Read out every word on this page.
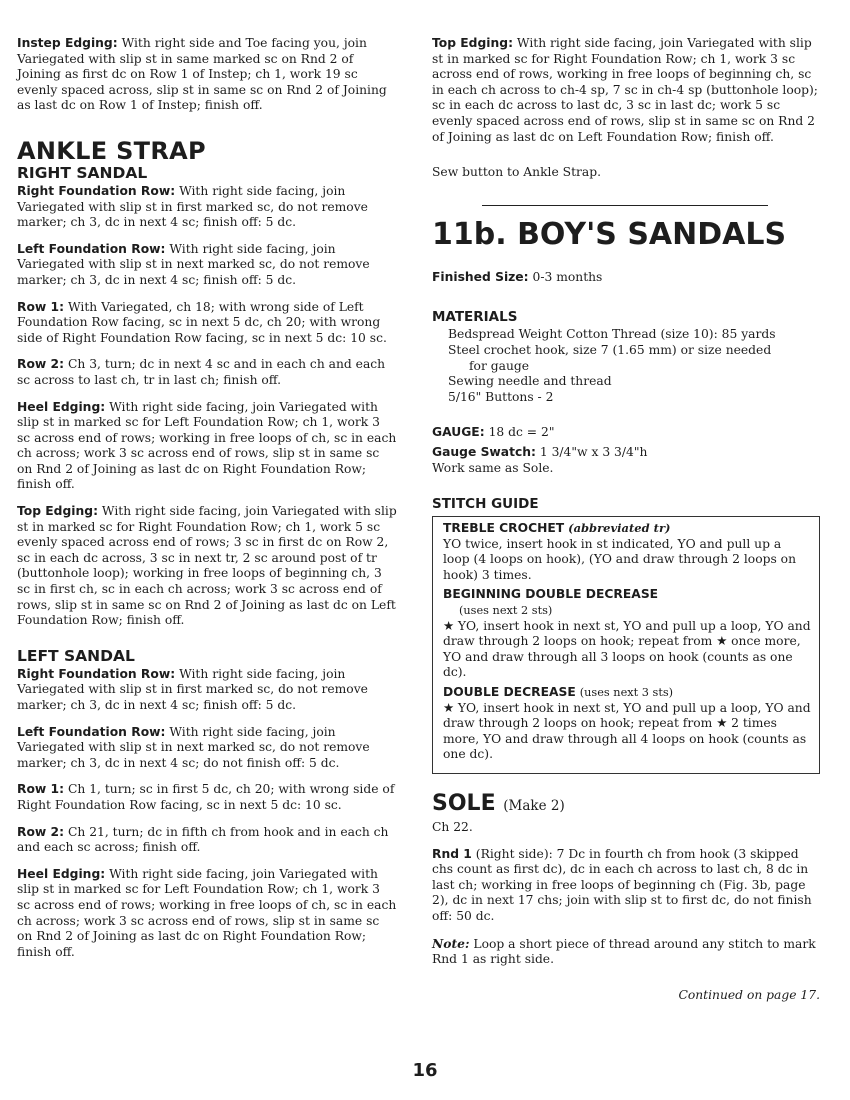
Instep Edging: With right side and Toe facing you, join Variegated with slip st in same marked sc on Rnd 2 of Joining as first dc on Row 1 of Instep; ch 1, work 19 sc evenly spaced across, slip st in same sc on Rnd 2 of Joining as last dc on Row 1 of Instep; finish off.

ANKLE STRAP
RIGHT SANDAL

Right Foundation Row: With right side facing, join Variegated with slip st in first marked sc, do not remove marker; ch 3, dc in next 4 sc; finish off: 5 dc.

Left Foundation Row: With right side facing, join Variegated with slip st in next marked sc, do not remove marker; ch 3, dc in next 4 sc; finish off: 5 dc.

Row 1: With Variegated, ch 18; with wrong side of Left Foundation Row facing, sc in next 5 dc, ch 20; with wrong side of Right Foundation Row facing, sc in next 5 dc: 10 sc.

Row 2: Ch 3, turn; dc in next 4 sc and in each ch and each sc across to last ch, tr in last ch; finish off.

Heel Edging: With right side facing, join Variegated with slip st in marked sc for Left Foundation Row; ch 1, work 3 sc across end of rows; working in free loops of ch, sc in each ch across; work 3 sc across end of rows, slip st in same sc on Rnd 2 of Joining as last dc on Right Foundation Row; finish off.

Top Edging: With right side facing, join Variegated with slip st in marked sc for Right Foundation Row; ch 1, work 5 sc evenly spaced across end of rows; 3 sc in first dc on Row 2, sc in each dc across, 3 sc in next tr, 2 sc around post of tr (buttonhole loop); working in free loops of beginning ch, 3 sc in first ch, sc in each ch across; work 3 sc across end of rows, slip st in same sc on Rnd 2 of Joining as last dc on Left Foundation Row; finish off.

LEFT SANDAL

Right Foundation Row: With right side facing, join Variegated with slip st in first marked sc, do not remove marker; ch 3, dc in next 4 sc; finish off: 5 dc.

Left Foundation Row: With right side facing, join Variegated with slip st in next marked sc, do not remove marker; ch 3, dc in next 4 sc; do not finish off: 5 dc.

Row 1: Ch 1, turn; sc in first 5 dc, ch 20; with wrong side of Right Foundation Row facing, sc in next 5 dc: 10 sc.

Row 2: Ch 21, turn; dc in fifth ch from hook and in each ch and each sc across; finish off.

Heel Edging: With right side facing, join Variegated with slip st in marked sc for Left Foundation Row; ch 1, work 3 sc across end of rows; working in free loops of ch, sc in each ch across; work 3 sc across end of rows, slip st in same sc on Rnd 2 of Joining as last dc on Right Foundation Row; finish off.

Top Edging: With right side facing, join Variegated with slip st in marked sc for Right Foundation Row; ch 1, work 3 sc across end of rows, working in free loops of beginning ch, sc in each ch across to ch-4 sp, 7 sc in ch-4 sp (buttonhole loop); sc in each dc across to last dc, 3 sc in last dc; work 5 sc evenly spaced across end of rows, slip st in same sc on Rnd 2 of Joining as last dc on Left Foundation Row; finish off.

Sew button to Ankle Strap.

11b. BOY'S SANDALS

Finished Size: 0-3 months

MATERIALS
Bedspread Weight Cotton Thread (size 10): 85 yards
Steel crochet hook, size 7 (1.65 mm) or size needed
for gauge
Sewing needle and thread
5/16" Buttons - 2

GAUGE: 18 dc = 2"

Gauge Swatch: 1 3/4"w x 3 3/4"h

Work same as Sole.

STITCH GUIDE

TREBLE CROCHET (abbreviated tr)
YO twice, insert hook in st indicated, YO and pull up a loop (4 loops on hook), (YO and draw through 2 loops on hook) 3 times.

BEGINNING DOUBLE DECREASE
(uses next 2 sts)
★ YO, insert hook in next st, YO and pull up a loop, YO and draw through 2 loops on hook; repeat from ★ once more, YO and draw through all 3 loops on hook (counts as one dc).

DOUBLE DECREASE (uses next 3 sts)
★ YO, insert hook in next st, YO and pull up a loop, YO and draw through 2 loops on hook; repeat from ★ 2 times more, YO and draw through all 4 loops on hook (counts as one dc).

SOLE (Make 2)

Ch 22.

Rnd 1 (Right side): 7 Dc in fourth ch from hook (3 skipped chs count as first dc), dc in each ch across to last ch, 8 dc in last ch; working in free loops of beginning ch (Fig. 3b, page 2), dc in next 17 chs; join with slip st to first dc, do not finish off: 50 dc.

Note: Loop a short piece of thread around any stitch to mark Rnd 1 as right side.

Continued on page 17.
16
